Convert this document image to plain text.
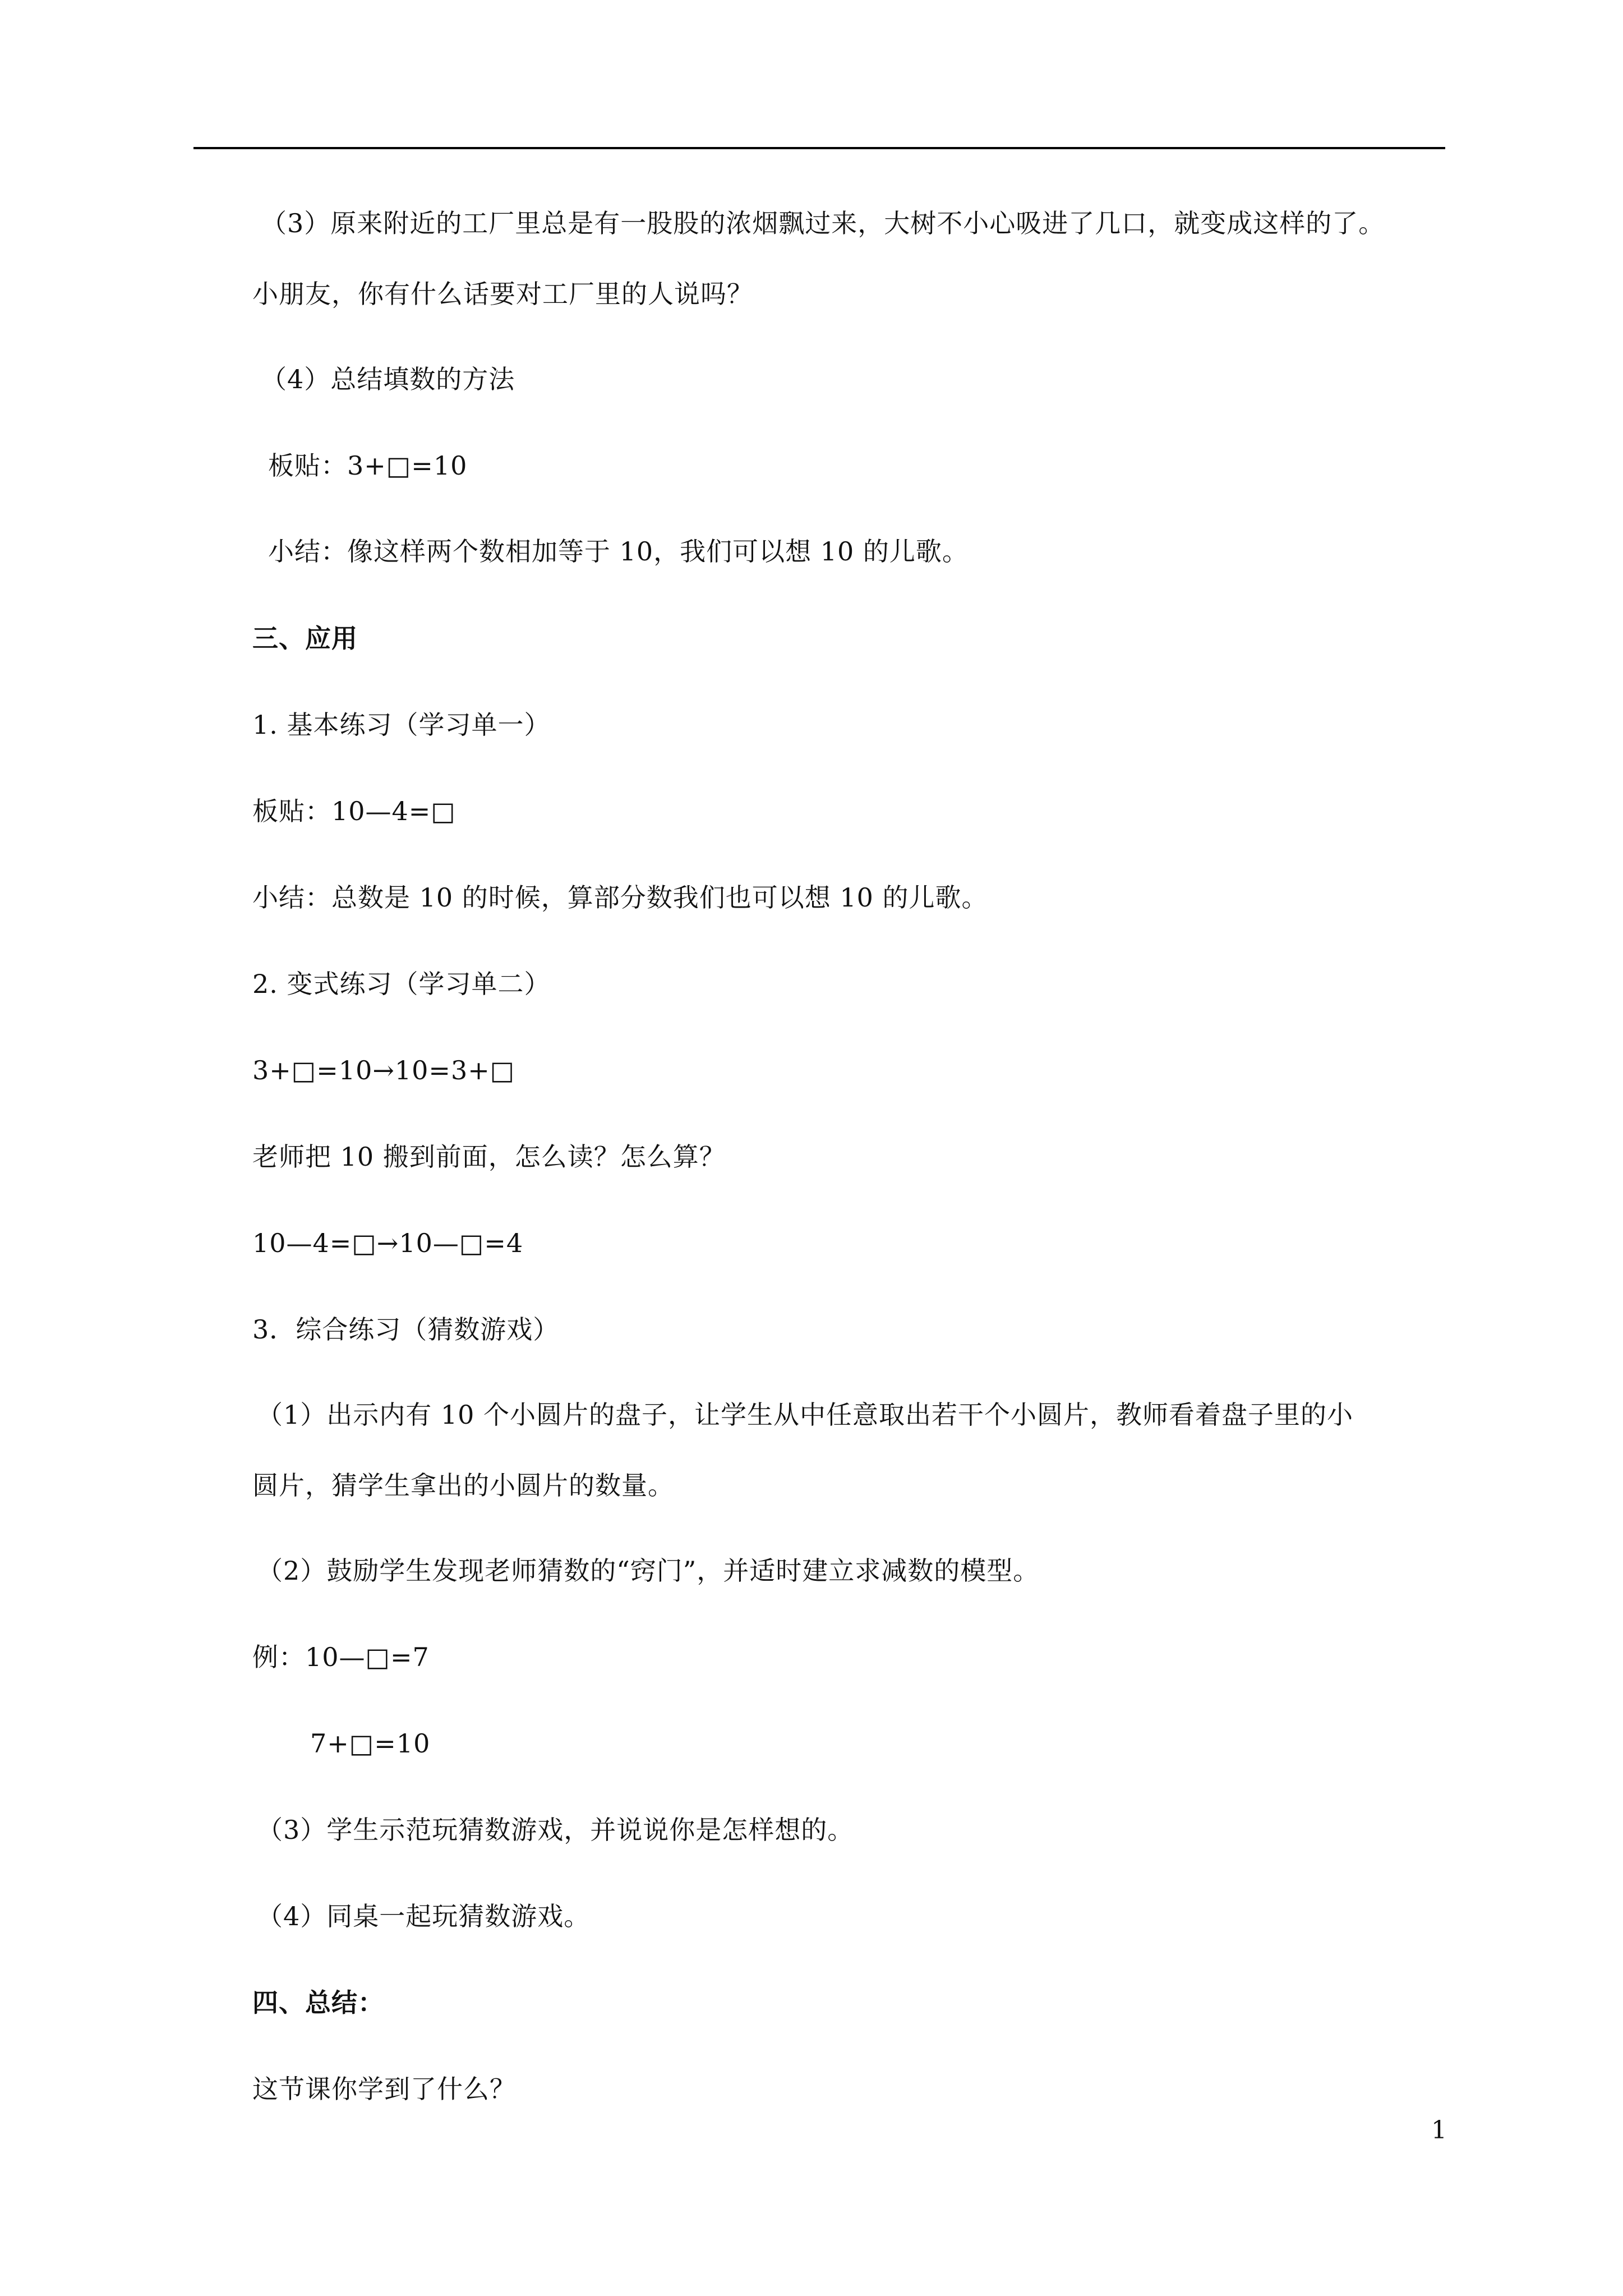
（3）原来附近的工厂里总是有一股股的浓烟飘过来，大树不小心吸进了几口，就变成这样的了。
小朋友，你有什么话要对工厂里的人说吗？
（4）总结填数的方法
板贴：3+□=10
小结：像这样两个数相加等于 10，我们可以想 10 的儿歌。
三、应用
1. 基本练习（学习单一）
板贴：10—4=□
小结：总数是 10 的时候，算部分数我们也可以想 10 的儿歌。
2. 变式练习（学习单二）
3+□=10→10=3+□
老师把 10 搬到前面，怎么读？怎么算？
10—4=□→10—□=4
3．综合练习（猜数游戏）
（1）出示内有 10 个小圆片的盘子，让学生从中任意取出若干个小圆片，教师看着盘子里的小
圆片，猜学生拿出的小圆片的数量。
（2）鼓励学生发现老师猜数的“窍门”，并适时建立求减数的模型。
例：10—□=7
7+□=10
（3）学生示范玩猜数游戏，并说说你是怎样想的。
（4）同桌一起玩猜数游戏。
四、总结：
这节课你学到了什么？
1
